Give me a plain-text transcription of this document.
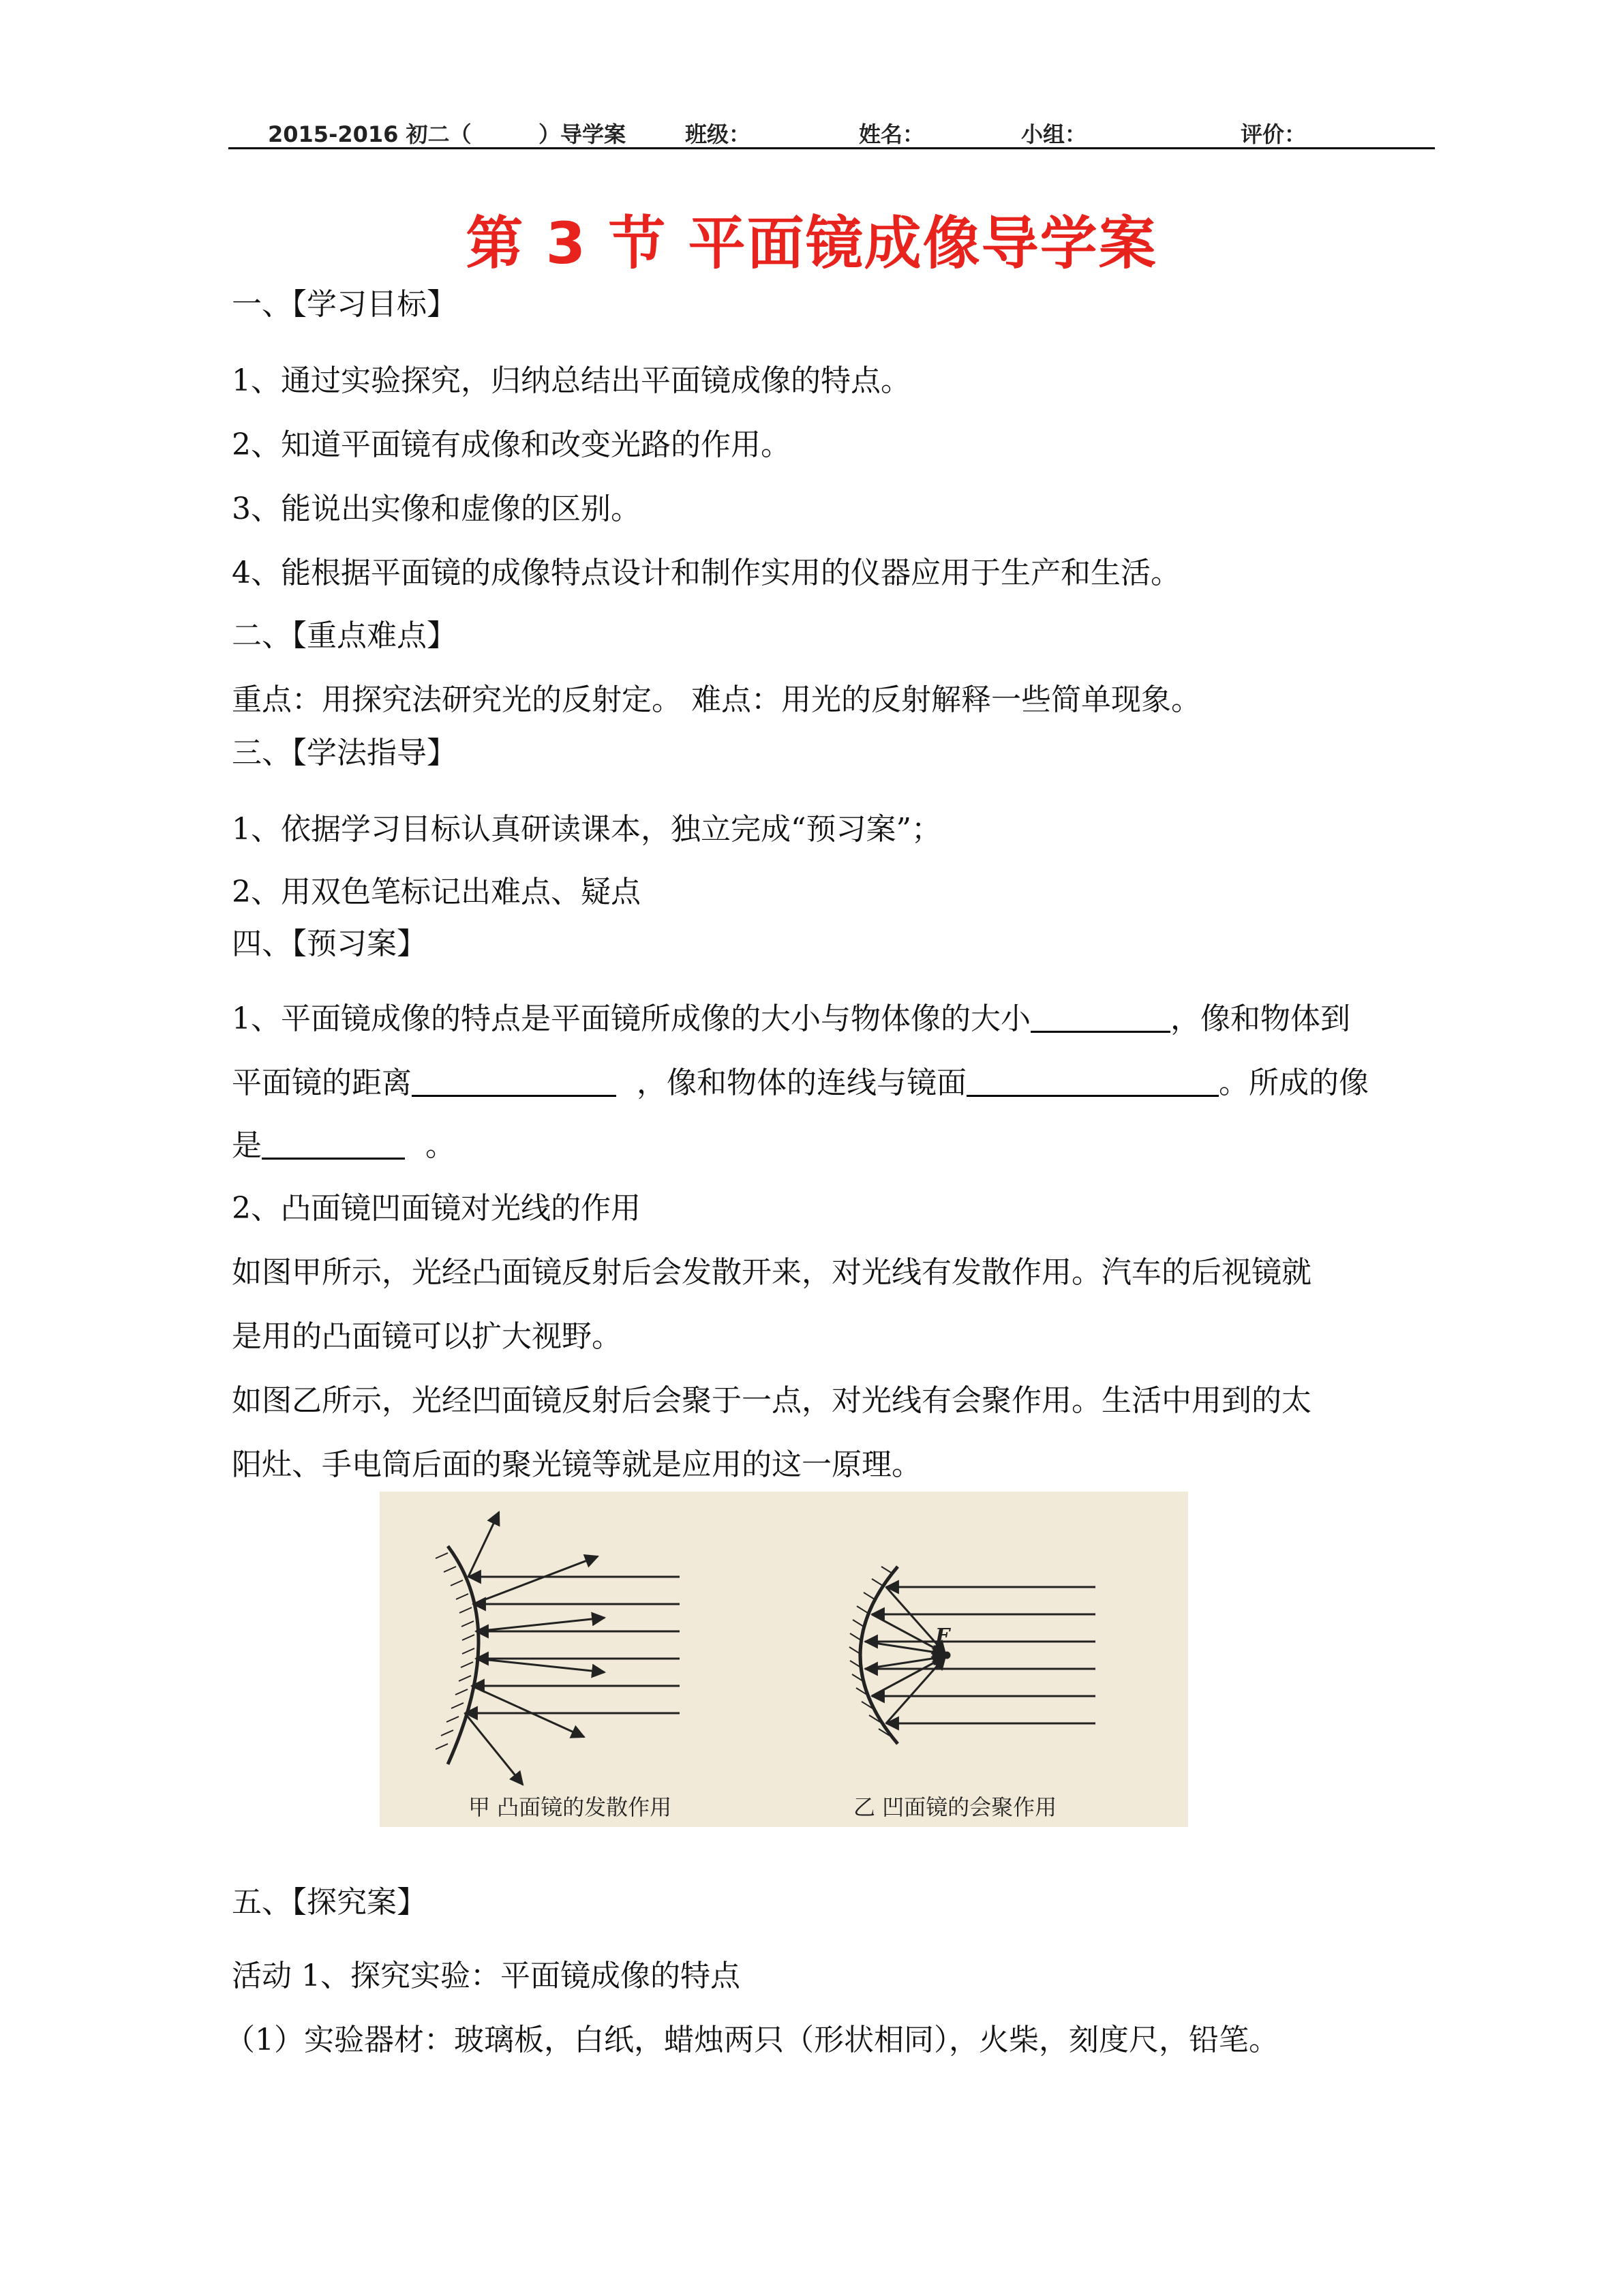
2015-2016 初二（	）导学案	班级：	姓名：	小组：	评价：
第 3 节 平面镜成像导学案
一、【学习目标】
1、通过实验探究，归纳总结出平面镜成像的特点。
2、知道平面镜有成像和改变光路的作用。
3、能说出实像和虚像的区别。
4、能根据平面镜的成像特点设计和制作实用的仪器应用于生产和生活。
二、【重点难点】
重点：用探究法研究光的反射定。 难点：用光的反射解释一些简单现象。
三、【学法指导】
1、依据学习目标认真研读课本，独立完成“预习案”；
2、用双色笔标记出难点、疑点
四、【预习案】
1、平面镜成像的特点是平面镜所成像的大小与物体像的大小	，像和物体到
平面镜的距离	，像和物体的连线与镜面	。所成的像
是	。
2、凸面镜凹面镜对光线的作用
如图甲所示，光经凸面镜反射后会发散开来，对光线有发散作用。汽车的后视镜就
是用的凸面镜可以扩大视野。
如图乙所示，光经凹面镜反射后会聚于一点，对光线有会聚作用。生活中用到的太
阳灶、手电筒后面的聚光镜等就是应用的这一原理。
甲 凸面镜的发散作用
F
乙 凹面镜的会聚作用
五、【探究案】
活动 1、探究实验：平面镜成像的特点
（1）实验器材：玻璃板，白纸，蜡烛两只（形状相同），火柴，刻度尺，铅笔。
